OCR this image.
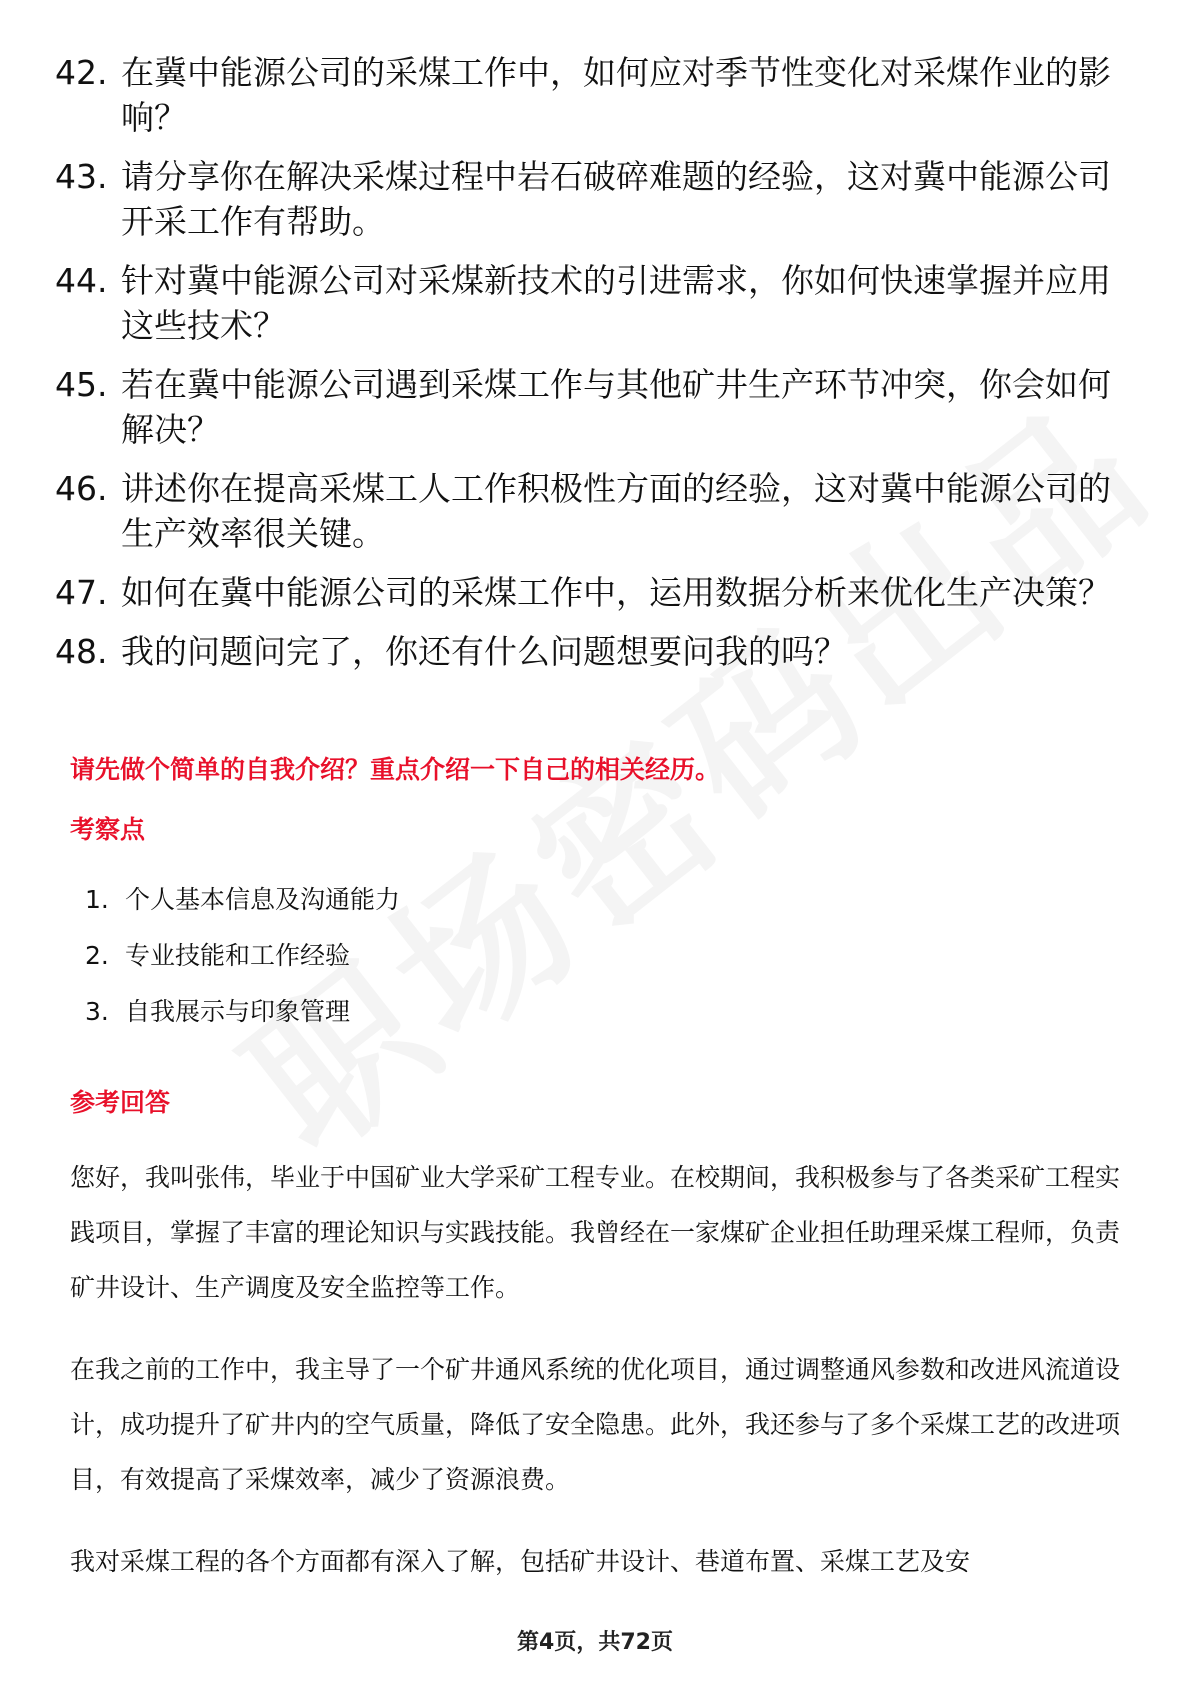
42. 在冀中能源公司的采煤工作中，如何应对季节性变化对采煤作业的影响？
43. 请分享你在解决采煤过程中岩石破碎难题的经验，这对冀中能源公司开采工作有帮助。
44. 针对冀中能源公司对采煤新技术的引进需求，你如何快速掌握并应用这些技术？
45. 若在冀中能源公司遇到采煤工作与其他矿井生产环节冲突，你会如何解决？
46. 讲述你在提高采煤工人工作积极性方面的经验，这对冀中能源公司的生产效率很关键。
47. 如何在冀中能源公司的采煤工作中，运用数据分析来优化生产决策？
48. 我的问题问完了，你还有什么问题想要问我的吗？
请先做个简单的自我介绍？重点介绍一下自己的相关经历。
考察点
1. 个人基本信息及沟通能力
2. 专业技能和工作经验
3. 自我展示与印象管理
参考回答

您好，我叫张伟，毕业于中国矿业大学采矿工程专业。在校期间，我积极参与了各类采矿工程实践项目，掌握了丰富的理论知识与实践技能。我曾经在一家煤矿企业担任助理采煤工程师，负责矿井设计、生产调度及安全监控等工作。

在我之前的工作中，我主导了一个矿井通风系统的优化项目，通过调整通风参数和改进风流道设计，成功提升了矿井内的空气质量，降低了安全隐患。此外，我还参与了多个采煤工艺的改进项目，有效提高了采煤效率，减少了资源浪费。

我对采煤工程的各个方面都有深入了解，包括矿井设计、巷道布置、采煤工艺及安

第4页，共72页
